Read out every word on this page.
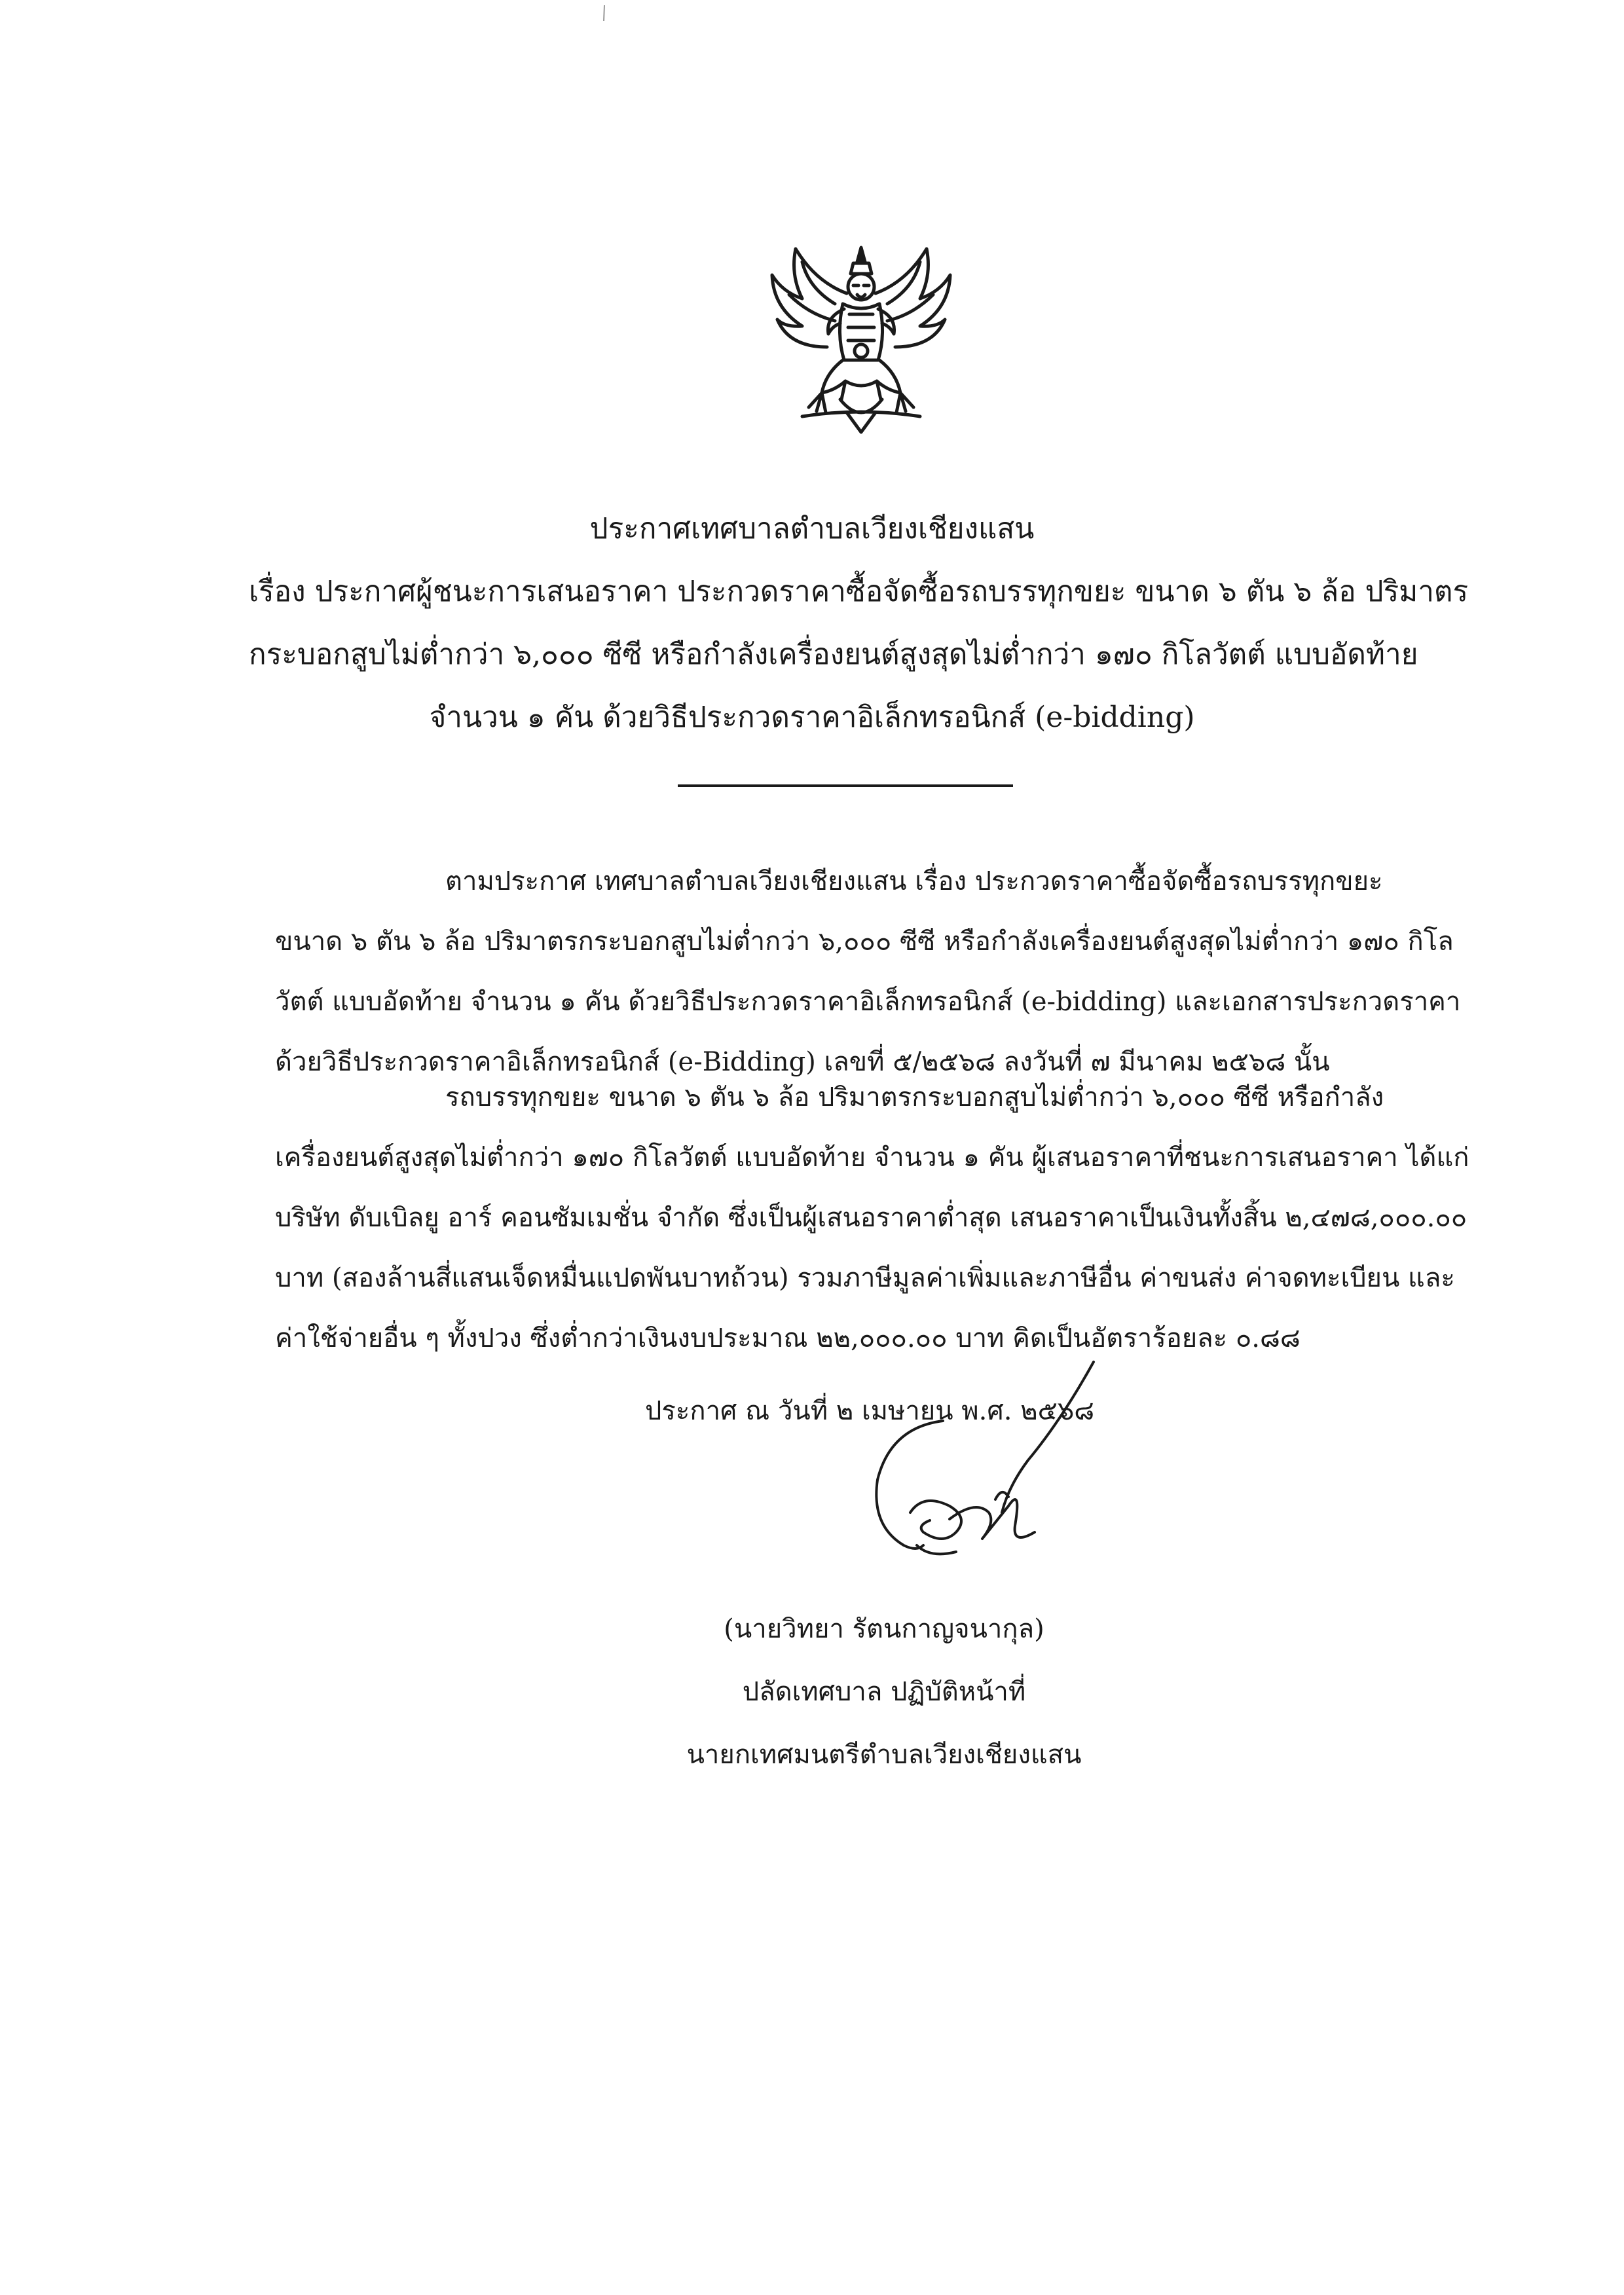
ประกาศเทศบาลตำบลเวียงเชียงแสน
เรื่อง ประกาศผู้ชนะการเสนอราคา ประกวดราคาซื้อจัดซื้อรถบรรทุกขยะ ขนาด ๖ ตัน ๖ ล้อ ปริมาตร
กระบอกสูบไม่ต่ำกว่า ๖,๐๐๐ ซีซี หรือกำลังเครื่องยนต์สูงสุดไม่ต่ำกว่า ๑๗๐ กิโลวัตต์ แบบอัดท้าย
จำนวน ๑ คัน ด้วยวิธีประกวดราคาอิเล็กทรอนิกส์ (e-bidding)
ตามประกาศ เทศบาลตำบลเวียงเชียงแสน เรื่อง ประกวดราคาซื้อจัดซื้อรถบรรทุกขยะ
ขนาด ๖ ตัน ๖ ล้อ ปริมาตรกระบอกสูบไม่ต่ำกว่า ๖,๐๐๐ ซีซี หรือกำลังเครื่องยนต์สูงสุดไม่ต่ำกว่า ๑๗๐ กิโล
วัตต์ แบบอัดท้าย จำนวน ๑ คัน ด้วยวิธีประกวดราคาอิเล็กทรอนิกส์ (e-bidding) และเอกสารประกวดราคา
ด้วยวิธีประกวดราคาอิเล็กทรอนิกส์ (e-Bidding) เลขที่ ๕/๒๕๖๘ ลงวันที่ ๗ มีนาคม ๒๕๖๘ นั้น
รถบรรทุกขยะ ขนาด ๖ ตัน ๖ ล้อ ปริมาตรกระบอกสูบไม่ต่ำกว่า ๖,๐๐๐ ซีซี หรือกำลัง
เครื่องยนต์สูงสุดไม่ต่ำกว่า ๑๗๐ กิโลวัตต์ แบบอัดท้าย จำนวน ๑ คัน ผู้เสนอราคาที่ชนะการเสนอราคา ได้แก่
บริษัท ดับเบิลยู อาร์ คอนซัมเมชั่น จำกัด ซึ่งเป็นผู้เสนอราคาต่ำสุด เสนอราคาเป็นเงินทั้งสิ้น ๒,๔๗๘,๐๐๐.๐๐
บาท (สองล้านสี่แสนเจ็ดหมื่นแปดพันบาทถ้วน) รวมภาษีมูลค่าเพิ่มและภาษีอื่น ค่าขนส่ง ค่าจดทะเบียน และ
ค่าใช้จ่ายอื่น ๆ ทั้งปวง ซึ่งต่ำกว่าเงินงบประมาณ ๒๒,๐๐๐.๐๐ บาท คิดเป็นอัตราร้อยละ ๐.๘๘
ประกาศ ณ วันที่ ๒ เมษายน พ.ศ. ๒๕๖๘
(นายวิทยา รัตนกาญจนากุล)
ปลัดเทศบาล ปฏิบัติหน้าที่
นายกเทศมนตรีตำบลเวียงเชียงแสน
